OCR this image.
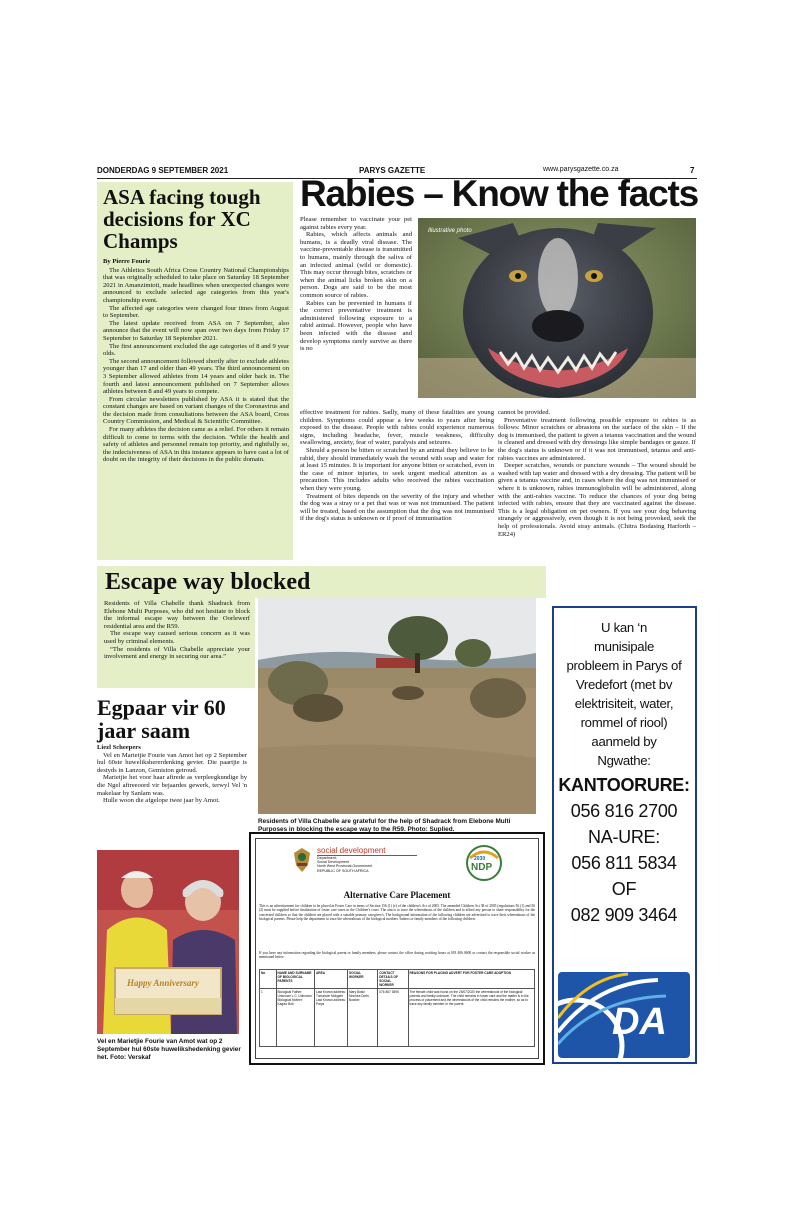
DONDERDAG 9 SEPTEMBER 2021	PARYS GAZETTE	www.parysgazette.co.za	7
ASA facing tough decisions for XC Champs
By Pierre Fourie

The Athletics South Africa Cross Country National Championships that was originally scheduled to take place on Saturday 18 September 2021 in Amanzimtoti, made headlines when unexpected changes were announced to exclude selected age categories from this year's championship event.

The affected age categories were changed four times from August to September.

The latest update received from ASA on 7 September, also announce that the event will now span over two days from Friday 17 September to Saturday 18 September 2021.

The first announcement excluded the age categories of 8 and 9 year olds.

The second announcement followed shortly after to exclude athletes younger than 17 and older than 49 years. The third announcement on 3 September allowed athletes from 14 years and older back in. The fourth and latest announcement published on 7 September allows athletes between 8 and 49 years to compete.

From circular newsletters published by ASA it is stated that the constant changes are based on variant changes of the Coronavirus and the decision made from consultations between the ASA board, Cross Country Commission, and Medical & Scientific Committee.

For many athletes the decision came as a relief. For others it remain difficult to come to terms with the decision. 'While the health and safety of athletes and personnel remain top priority, and rightfully so, the indecisiveness of ASA in this instance appears to have cast a lot of doubt on the integrity of their decisions in the public domain.

Rabies – Know the facts

Please remember to vaccinate your pet against rabies every year.

Rabies, which affects animals and humans, is a deadly viral disease. The vaccine-preventable disease is transmitted to humans, mainly through the saliva of an infected animal (wild or domestic). This may occur through bites, scratches or when the animal licks broken skin on a person. Dogs are said to be the most common source of rabies.

Rabies can be prevented in humans if the correct preventative treatment is administered following exposure to a rabid animal. However, people who have been infected with the disease and develop symptoms rarely survive as there is no

Illustrative photo

effective treatment for rabies. Sadly, many of these fatalities are young children. Symptoms could appear a few weeks to years after being exposed to the disease. People with rabies could experience numerous signs, including headache, fever, muscle weakness, difficulty swallowing, anxiety, fear of water, paralysis and seizures.

Should a person be bitten or scratched by an animal they believe to be rabid, they should immediately wash the wound with soap and water for at least 15 minutes. It is important for anyone bitten or scratched, even in the case of minor injuries, to seek urgent medical attention as a precaution. This includes adults who received the rabies vaccination when they were young.

Treatment of bites depends on the severity of the injury and whether the dog was a stray or a pet that was or was not immunised. The patient will be treated, based on the assumption that the dog was not immunised if the dog's status is unknown or if proof of immunisation

cannot be provided.

Preventative treatment following possible exposure to rabies is as follows: Minor scratches or abrasions on the surface of the skin – If the dog is immunised, the patient is given a tetanus vaccination and the wound is cleaned and dressed with dry dressings like simple bandages or gauze. If the dog's status is unknown or if it was not immunised, tetanus and anti-rabies vaccines are administered.

Deeper scratches, wounds or puncture wounds – The wound should be washed with tap water and dressed with a dry dressing. The patient will be given a tetanus vaccine and, in cases where the dog was not immunised or where it is unknown, rabies immunoglobulin will be administered, along with the anti-rabies vaccine. To reduce the chances of your dog being infected with rabies, ensure that they are vaccinated against the disease. This is a legal obligation on pet owners. If you see your dog behaving strangely or aggressively, even though it is not being provoked, seek the help of professionals. Avoid stray animals. (Chitra Bodasing Harforth – ER24)

Escape way blocked

Residents of Villa Chabelle thank Shadrack from Elebone Multi Purposes, who did not hesitate to block the informal escape way between the Oorlewerf residential area and the R59.

The escape way caused serious concern as it was used by criminal elements.

“The residents of Villa Chabelle appreciate your involvement and energy in securing our area.”

Residents of Villa Chabelle are grateful for the help of Shadrack from Elebone Multi Purposes in blocking the escape way to the R59. Photo: Suplied.
Egpaar vir 60 jaar saam
Liezl Scheepers

Vel en Marietjie Fourie van Amot het op 2 September hul 60ste huwelikshererdenking gevier. Die paartjie is destyds in Lanzon, Gemiston getroud.

Marietjie het voor haar aftrede as verpleegkundige by die Ngel aftreeoord vir bejaardes gewerk, terwyl Vel 'n makelaar by Sanlam was.

Hulle woon die afgelope twee jaar by Amot.

Happy Anniversary
Vel en Marietjie Fourie van Amot wat op 2 September hul 60ste huwelikshedenking gevier het. Foto: Verskaf
social development
Department:
Social Development
North West Provincial Government
REPUBLIC OF SOUTH AFRICA
2030
NDP
Alternative Care Placement
This is an advertisement for children to be placed in Foster Care in terms of Section 156 (1) (e) of the children's Act of 2005. The amended Children Act 38 of 2005 (regulations 56 (1) and 56 (2) must be supplied before finalization of foster care cases in the Children's court. The aim is to trace the whereabouts of the children and to afford any person to share responsibility for the concerned children so that the children are placed with a suitable primary caregiver/s. The background information of the following children are advertised to trace their whereabouts of the biological parents. Please help the department to trace the whereabouts of the biological mothers /fathers or family members of the following children:
If you have any information regarding the biological parent or family members, please contact the office during working hours at 018 406 0600 or contact the responsible social worker as mentioned below.
No	NAME AND SURNAME OF BIOLOGICAL PARENTS	AREA	SOCIAL WORKER	CONTACT DETAILS OF SOCIAL WORKER	REASONS FOR PLACING ADVERT FOR FOSTER CARE ADOPTION
1	Biological Father: Unknown L.C. Unknown Biological Mother: Kagiso Boti	Last Known address: Tumahole Mokgele Last Known address: Parys	Mary Boski Mnchea Dorfs Bowker	076 867 3895	The female child was found on the 25/07/2020 the whereabouts of the biological parents and family unknown. The child remains in foster care and the matter is in the process of placement and the whereabouts of the child remains the mother, so as to trace any family member or the parent.
U kan ‘n
munisipale
probleem in Parys of
Vredefort (met bv
elektrisiteit, water,
rommel of riool)
aanmeld by
Ngwathe:
KANTOORURE:
056 816 2700
NA-URE:
056 811 5834
OF
082 909 3464
DA
